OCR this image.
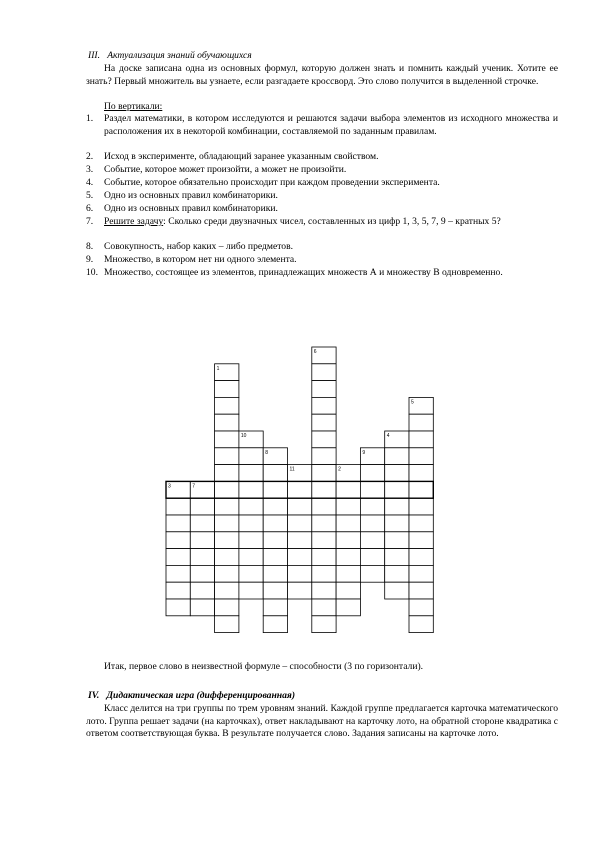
III. Актуализация знаний обучающихся
На доске записана одна из основных формул, которую должен знать и помнить каждый ученик. Хотите ее знать? Первый множитель вы узнаете, если разгадаете кроссворд. Это слово получится в выделенной строчке.
По вертикали:
1. Раздел математики, в котором исследуются и решаются задачи выбора элементов из исходного множества и расположения их в некоторой комбинации, составляемой по заданным правилам.
2. Исход в эксперименте, обладающий заранее указанным свойством.
3. Событие, которое может произойти, а может не произойти.
4. Событие, которое обязательно происходит при каждом проведении эксперимента.
5. Одно из основных правил комбинаторики.
6. Одно из основных правил комбинаторики.
7. Решите задачу: Сколько среди двузначных чисел, составленных из цифр 1, 3, 5, 7, 9 – кратных 5?
8. Совокупность, набор каких – либо предметов.
9. Множество, в котором нет ни одного элемента.
10. Множество, состоящее из элементов, принадлежащих множеств А и множеству В одновременно.
1
2
3
4
5
6
7
8	9
10
11
Итак, первое слово в неизвестной формуле – способности (3 по горизонтали).
IV. Дидактическая игра (дифференцированная)
Класс делится на три группы по трем уровням знаний. Каждой группе предлагается карточка математического лото. Группа решает задачи (на карточках), ответ накладывают на карточку лото, на обратной стороне квадратика с ответом соответствующая буква. В результате получается слово. Задания записаны на карточке лото.
